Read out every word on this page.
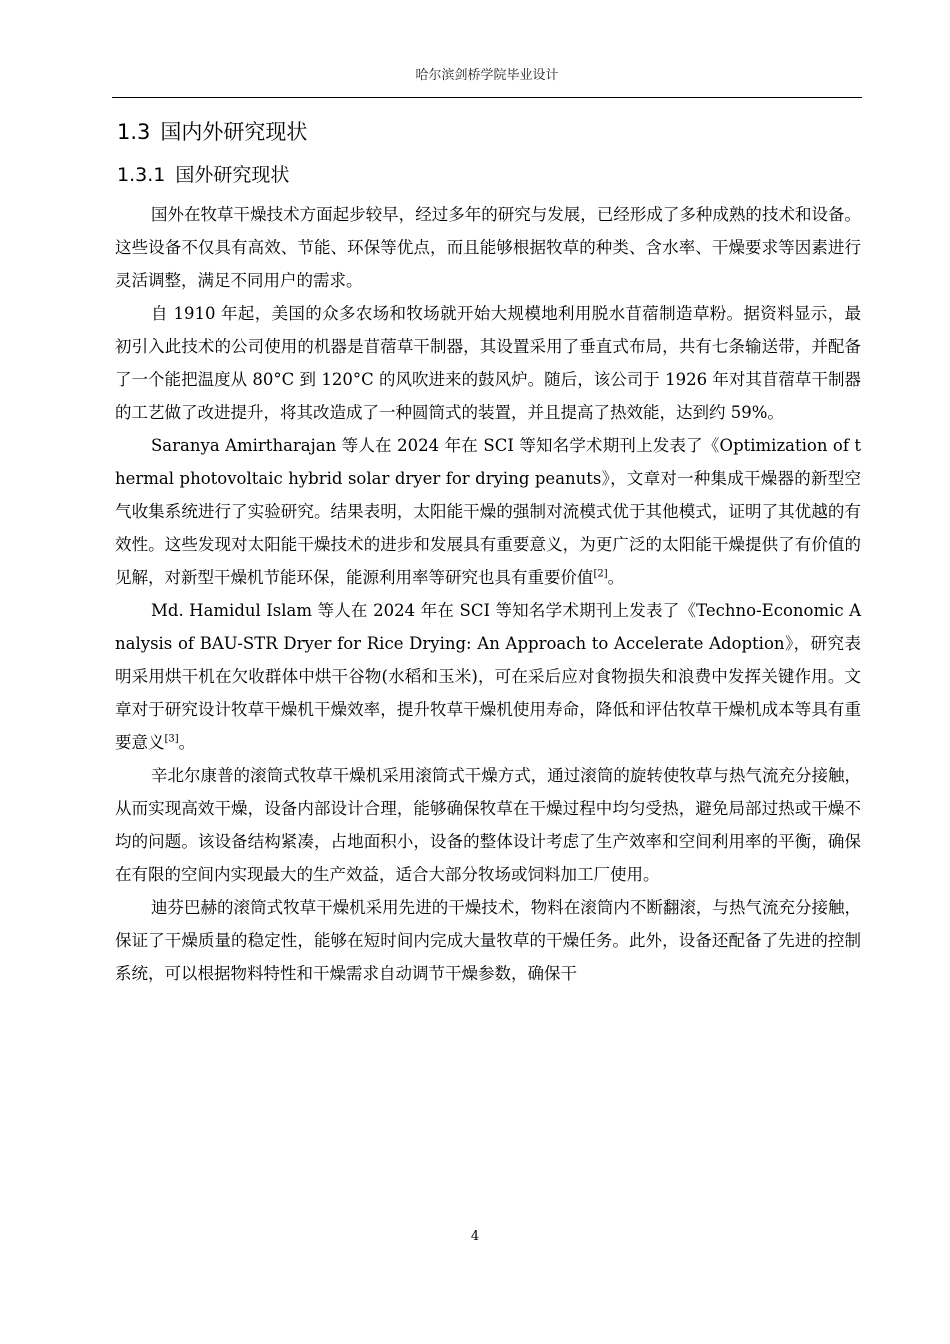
哈尔滨剑桥学院毕业设计
1.3 国内外研究现状
1.3.1 国外研究现状

国外在牧草干燥技术方面起步较早，经过多年的研究与发展，已经形成了多种成熟的技术和设备。这些设备不仅具有高效、节能、环保等优点，而且能够根据牧草的种类、含水率、干燥要求等因素进行灵活调整，满足不同用户的需求。

自 1910 年起，美国的众多农场和牧场就开始大规模地利用脱水苜蓿制造草粉。据资料显示，最初引入此技术的公司使用的机器是苜蓿草干制器，其设置采用了垂直式布局，共有七条输送带，并配备了一个能把温度从 80°C 到 120°C 的风吹进来的鼓风炉。随后，该公司于 1926 年对其苜蓿草干制器的工艺做了改进提升，将其改造成了一种圆筒式的装置，并且提高了热效能，达到约 59%。

Saranya Amirtharajan 等人在 2024 年在 SCI 等知名学术期刊上发表了《Optimization of thermal photovoltaic hybrid solar dryer for drying peanuts》，文章对一种集成干燥器的新型空气收集系统进行了实验研究。结果表明，太阳能干燥的强制对流模式优于其他模式，证明了其优越的有效性。这些发现对太阳能干燥技术的进步和发展具有重要意义，为更广泛的太阳能干燥提供了有价值的见解，对新型干燥机节能环保，能源利用率等研究也具有重要价值[2]。

Md. Hamidul Islam 等人在 2024 年在 SCI 等知名学术期刊上发表了《Techno-Economic Analysis of BAU-STR Dryer for Rice Drying: An Approach to Accelerate Adoption》，研究表明采用烘干机在欠收群体中烘干谷物(水稻和玉米)，可在采后应对食物损失和浪费中发挥关键作用。文章对于研究设计牧草干燥机干燥效率，提升牧草干燥机使用寿命，降低和评估牧草干燥机成本等具有重要意义[3]。

辛北尔康普的滚筒式牧草干燥机采用滚筒式干燥方式，通过滚筒的旋转使牧草与热气流充分接触，从而实现高效干燥，设备内部设计合理，能够确保牧草在干燥过程中均匀受热，避免局部过热或干燥不均的问题。该设备结构紧凑，占地面积小，设备的整体设计考虑了生产效率和空间利用率的平衡，确保在有限的空间内实现最大的生产效益，适合大部分牧场或饲料加工厂使用。

迪芬巴赫的滚筒式牧草干燥机采用先进的干燥技术，物料在滚筒内不断翻滚，与热气流充分接触，保证了干燥质量的稳定性，能够在短时间内完成大量牧草的干燥任务。此外，设备还配备了先进的控制系统，可以根据物料特性和干燥需求自动调节干燥参数，确保干

4
